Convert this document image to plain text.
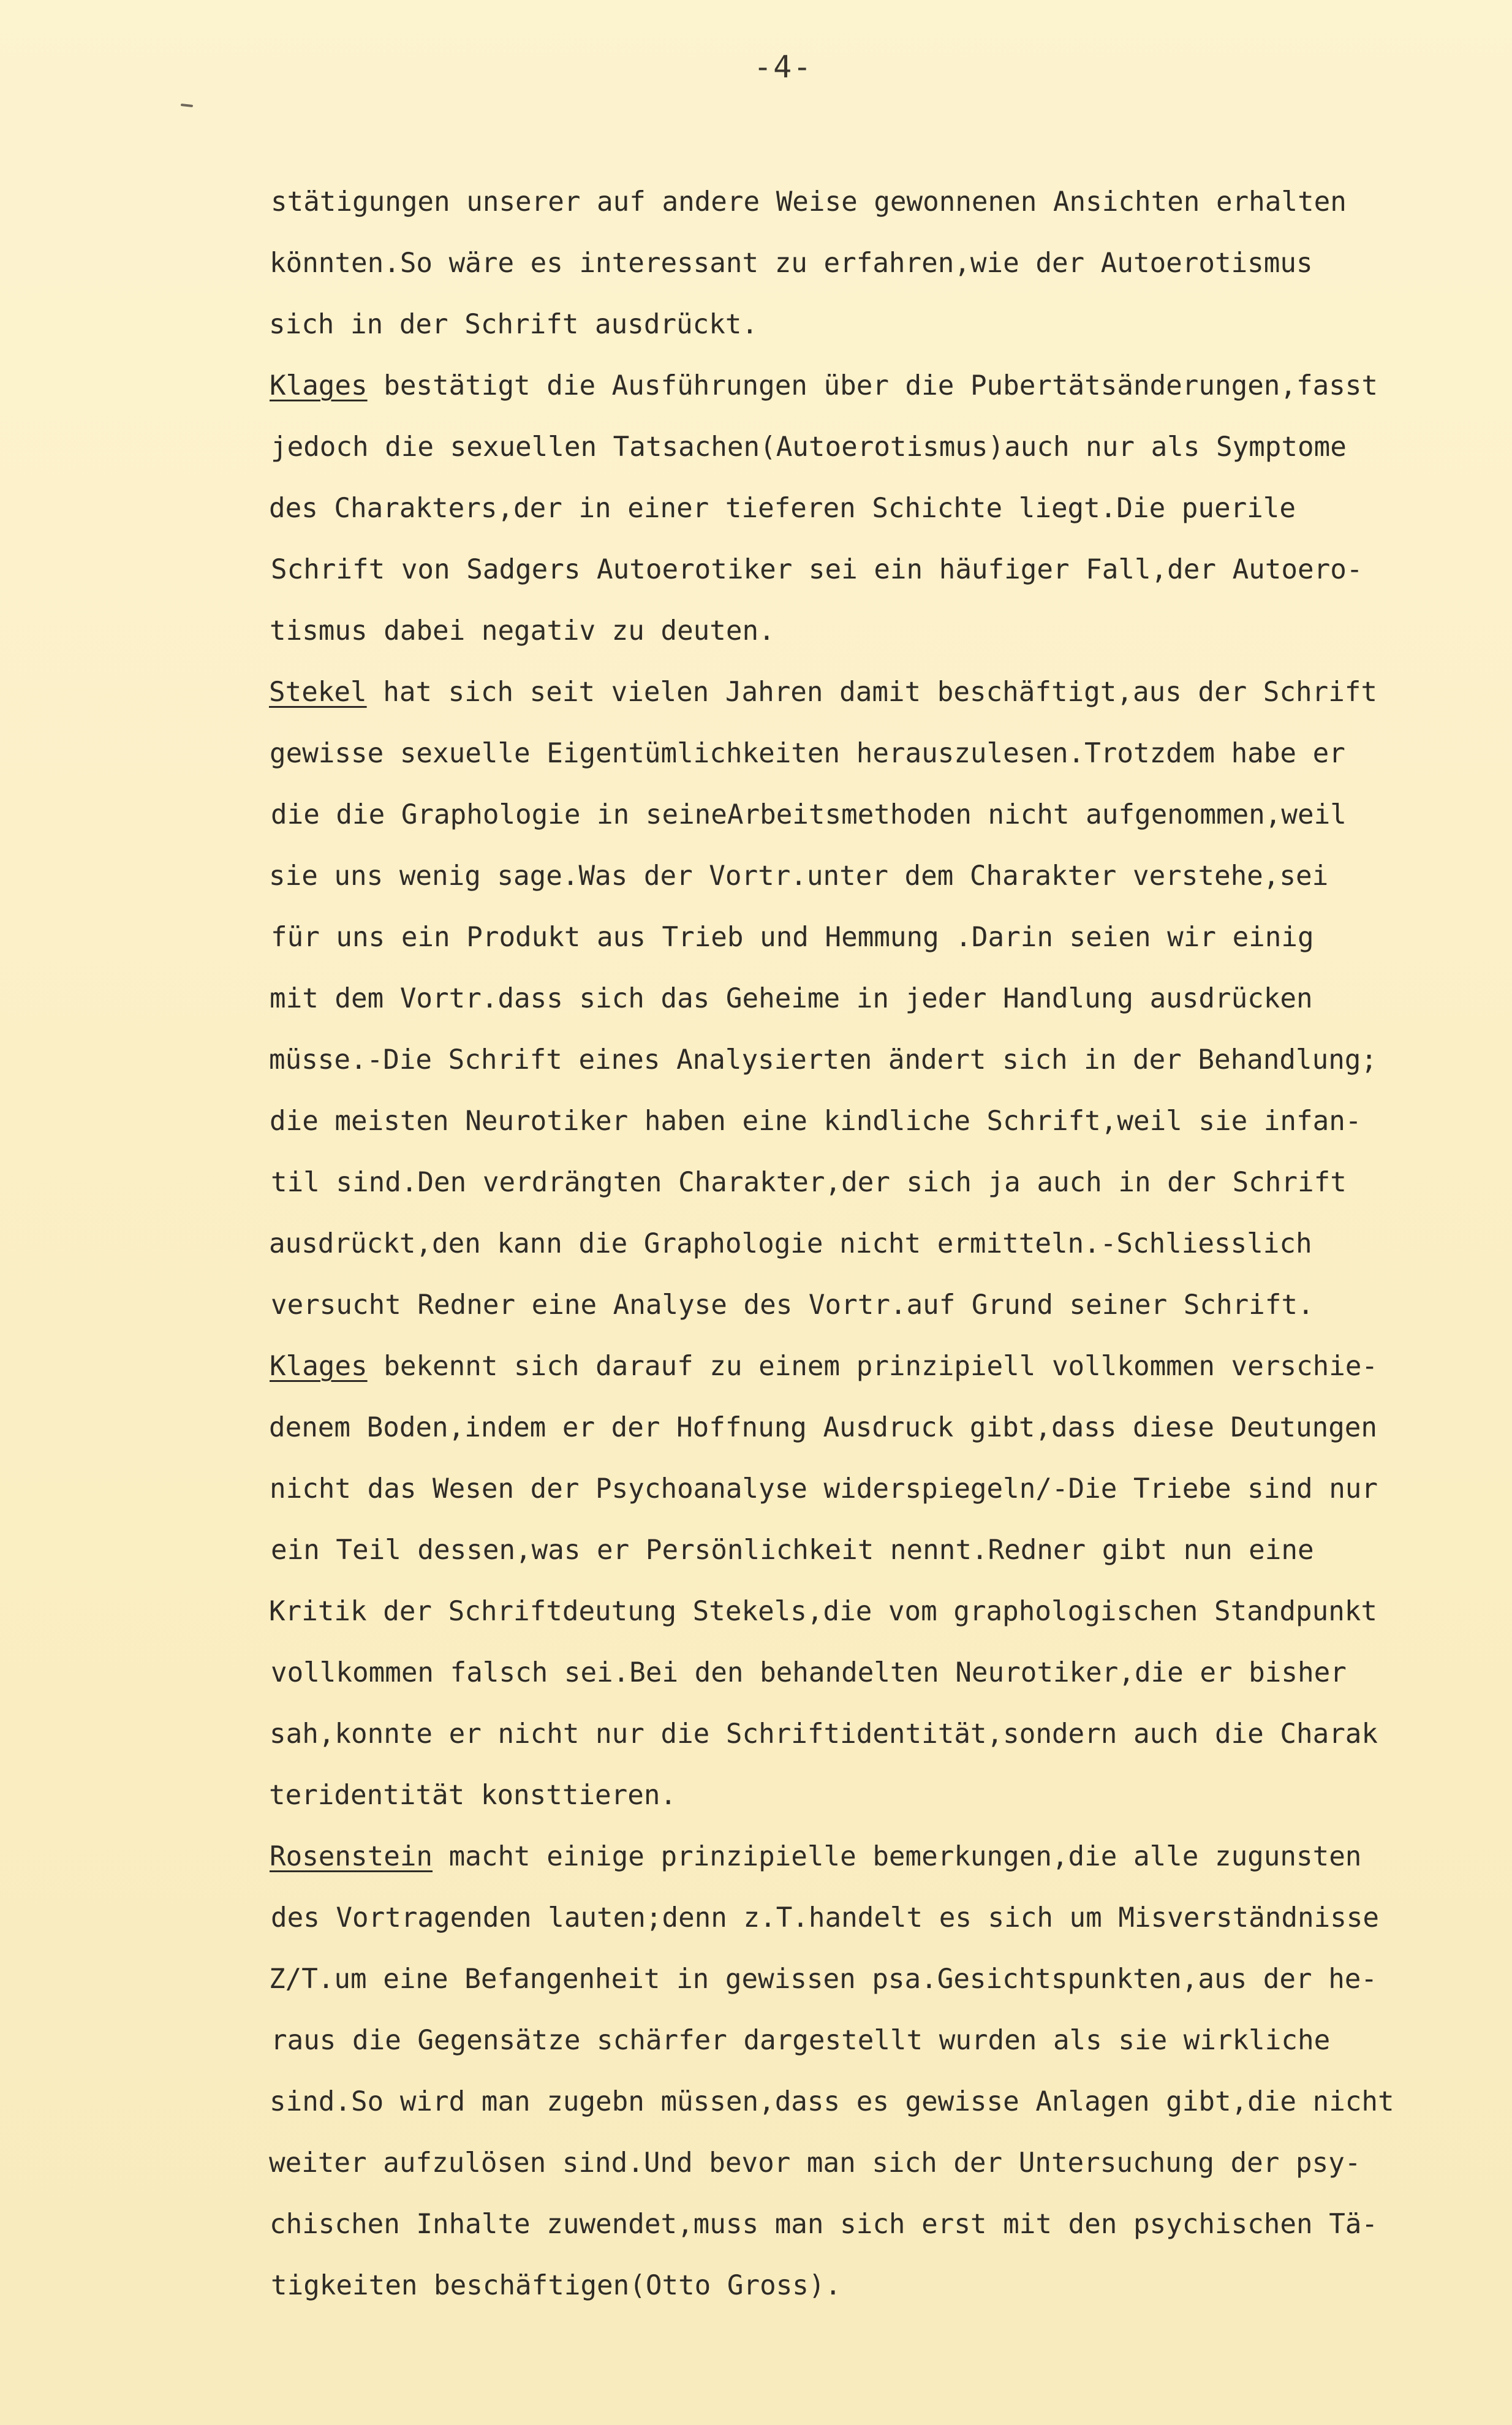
-4-
stätigungen unserer auf andere Weise gewonnenen Ansichten erhalten
könnten.So wäre es interessant zu erfahren,wie der Autoerotismus
sich in der Schrift ausdrückt.
Klages bestätigt die Ausführungen über die Pubertätsänderungen,fasst
jedoch die sexuellen Tatsachen(Autoerotismus)auch nur als Symptome
des Charakters,der in einer tieferen Schichte liegt.Die puerile
Schrift von Sadgers Autoerotiker sei ein häufiger Fall,der Autoero-
tismus dabei negativ zu deuten.
Stekel hat sich seit vielen Jahren damit beschäftigt,aus der Schrift
gewisse sexuelle Eigentümlichkeiten herauszulesen.Trotzdem habe er
die die Graphologie in seineArbeitsmethoden nicht aufgenommen,weil
sie uns wenig sage.Was der Vortr.unter dem Charakter verstehe,sei
für uns ein Produkt aus Trieb und Hemmung .Darin seien wir einig
mit dem Vortr.dass sich das Geheime in jeder Handlung ausdrücken
müsse.-Die Schrift eines Analysierten ändert sich in der Behandlung;
die meisten Neurotiker haben eine kindliche Schrift,weil sie infan-
til sind.Den verdrängten Charakter,der sich ja auch in der Schrift
ausdrückt,den kann die Graphologie nicht ermitteln.-Schliesslich
versucht Redner eine Analyse des Vortr.auf Grund seiner Schrift.
Klages bekennt sich darauf zu einem prinzipiell vollkommen verschie-
denem Boden,indem er der Hoffnung Ausdruck gibt,dass diese Deutungen
nicht das Wesen der Psychoanalyse widerspiegeln/-Die Triebe sind nur
ein Teil dessen,was er Persönlichkeit nennt.Redner gibt nun eine
Kritik der Schriftdeutung Stekels,die vom graphologischen Standpunkt
vollkommen falsch sei.Bei den behandelten Neurotiker,die er bisher
sah,konnte er nicht nur die Schriftidentität,sondern auch die Charak
teridentität konsttieren.
Rosenstein macht einige prinzipielle bemerkungen,die alle zugunsten
des Vortragenden lauten;denn z.T.handelt es sich um Misverständnisse
Z/T.um eine Befangenheit in gewissen psa.Gesichtspunkten,aus der he-
raus die Gegensätze schärfer dargestellt wurden als sie wirkliche
sind.So wird man zugebn müssen,dass es gewisse Anlagen gibt,die nicht
weiter aufzulösen sind.Und bevor man sich der Untersuchung der psy-
chischen Inhalte zuwendet,muss man sich erst mit den psychischen Tä-
tigkeiten beschäftigen(Otto Gross).
